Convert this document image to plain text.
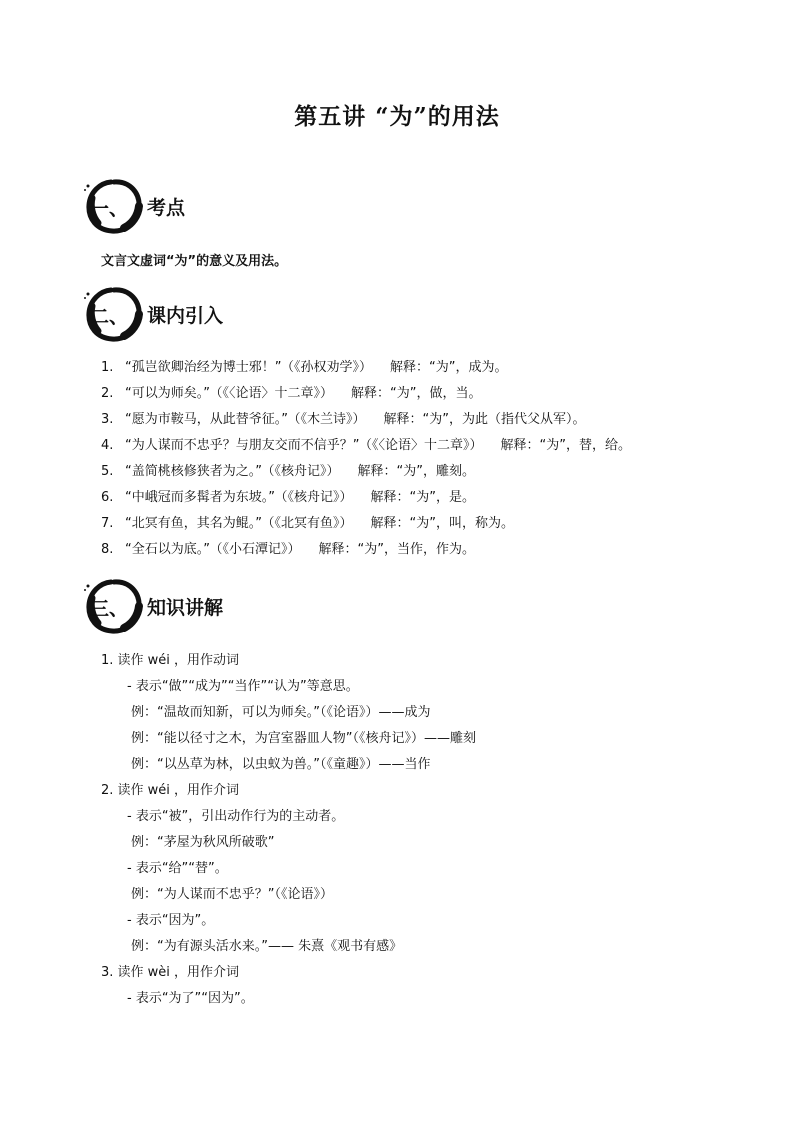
第五讲 “为”的用法
一、 考点
文言文虚词“为”的意义及用法。
二、 课内引入
1. “孤岂欲卿治经为博士邪！” （《孙权劝学》） 解释：“为”，成为。
2. “可以为师矣。” （《〈论语〉十二章》） 解释：“为”，做，当。
3. “愿为市鞍马，从此替爷征。” （《木兰诗》） 解释：“为”，为此（指代父从军）。
4. “为人谋而不忠乎？与朋友交而不信乎？” （《〈论语〉十二章》） 解释：“为”，替，给。
5. “盖简桃核修狭者为之。” （《核舟记》） 解释：“为”，雕刻。
6. “中峨冠而多髯者为东坡。” （《核舟记》） 解释：“为”，是。
7. “北冥有鱼，其名为鲲。” （《北冥有鱼》） 解释：“为”，叫，称为。
8. “全石以为底。” （《小石潭记》） 解释：“为”，当作，作为。
三、 知识讲解
1. 读作 wéi ，用作动词
- 表示“做”“成为”“当作”“认为”等意思。
例：“温故而知新，可以为师矣。”（《论语》）——成为
例：“能以径寸之木，为宫室器皿人物”（《核舟记》）——雕刻
例：“以丛草为林，以虫蚁为兽。”（《童趣》）——当作
2. 读作 wéi ，用作介词
- 表示“被”，引出动作行为的主动者。
例：“茅屋为秋风所破歌”
- 表示“给”“替”。
例：“为人谋而不忠乎？”（《论语》）
- 表示“因为”。
例：“为有源头活水来。”—— 朱熹《观书有感》
3. 读作 wèi ，用作介词
- 表示“为了”“因为”。
